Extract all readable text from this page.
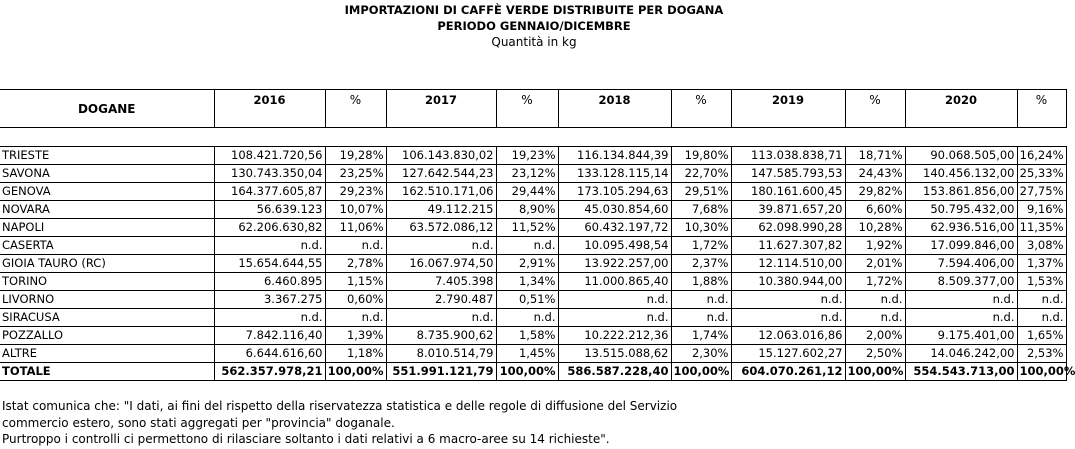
IMPORTAZIONI DI CAFFÈ VERDE DISTRIBUITE PER DOGANA
PERIODO GENNAIO/DICEMBRE
Quantità in kg
DOGANE	2016	%	2017	%	2018	%	2019	%	2020	%

TRIESTE	108.421.720,56	19,28%	106.143.830,02	19,23%	116.134.844,39	19,80%	113.038.838,71	18,71%	90.068.505,00	16,24%
SAVONA	130.743.350,04	23,25%	127.642.544,23	23,12%	133.128.115,14	22,70%	147.585.793,53	24,43%	140.456.132,00	25,33%
GENOVA	164.377.605,87	29,23%	162.510.171,06	29,44%	173.105.294,63	29,51%	180.161.600,45	29,82%	153.861.856,00	27,75%
NOVARA	56.639.123	10,07%	49.112.215	8,90%	45.030.854,60	7,68%	39.871.657,20	6,60%	50.795.432,00	9,16%
NAPOLI	62.206.630,82	11,06%	63.572.086,12	11,52%	60.432.197,72	10,30%	62.098.990,28	10,28%	62.936.516,00	11,35%
CASERTA	n.d.	n.d.	n.d.	n.d.	10.095.498,54	1,72%	11.627.307,82	1,92%	17.099.846,00	3,08%
GIOIA TAURO (RC)	15.654.644,55	2,78%	16.067.974,50	2,91%	13.922.257,00	2,37%	12.114.510,00	2,01%	7.594.406,00	1,37%
TORINO	6.460.895	1,15%	7.405.398	1,34%	11.000.865,40	1,88%	10.380.944,00	1,72%	8.509.377,00	1,53%
LIVORNO	3.367.275	0,60%	2.790.487	0,51%	n.d.	n.d.	n.d.	n.d.	n.d.	n.d.
SIRACUSA	n.d.	n.d.	n.d.	n.d.	n.d.	n.d.	n.d.	n.d.	n.d.	n.d.
POZZALLO	7.842.116,40	1,39%	8.735.900,62	1,58%	10.222.212,36	1,74%	12.063.016,86	2,00%	9.175.401,00	1,65%
ALTRE	6.644.616,60	1,18%	8.010.514,79	1,45%	13.515.088,62	2,30%	15.127.602,27	2,50%	14.046.242,00	2,53%
TOTALE	562.357.978,21	100,00%	551.991.121,79	100,00%	586.587.228,40	100,00%	604.070.261,12	100,00%	554.543.713,00	100,00%
Istat comunica che: "I dati, ai fini del rispetto della riservatezza statistica e delle regole di diffusione del Servizio
commercio estero, sono stati aggregati per "provincia" doganale.
Purtroppo i controlli ci permettono di rilasciare soltanto i dati relativi a 6 macro-aree su 14 richieste".
